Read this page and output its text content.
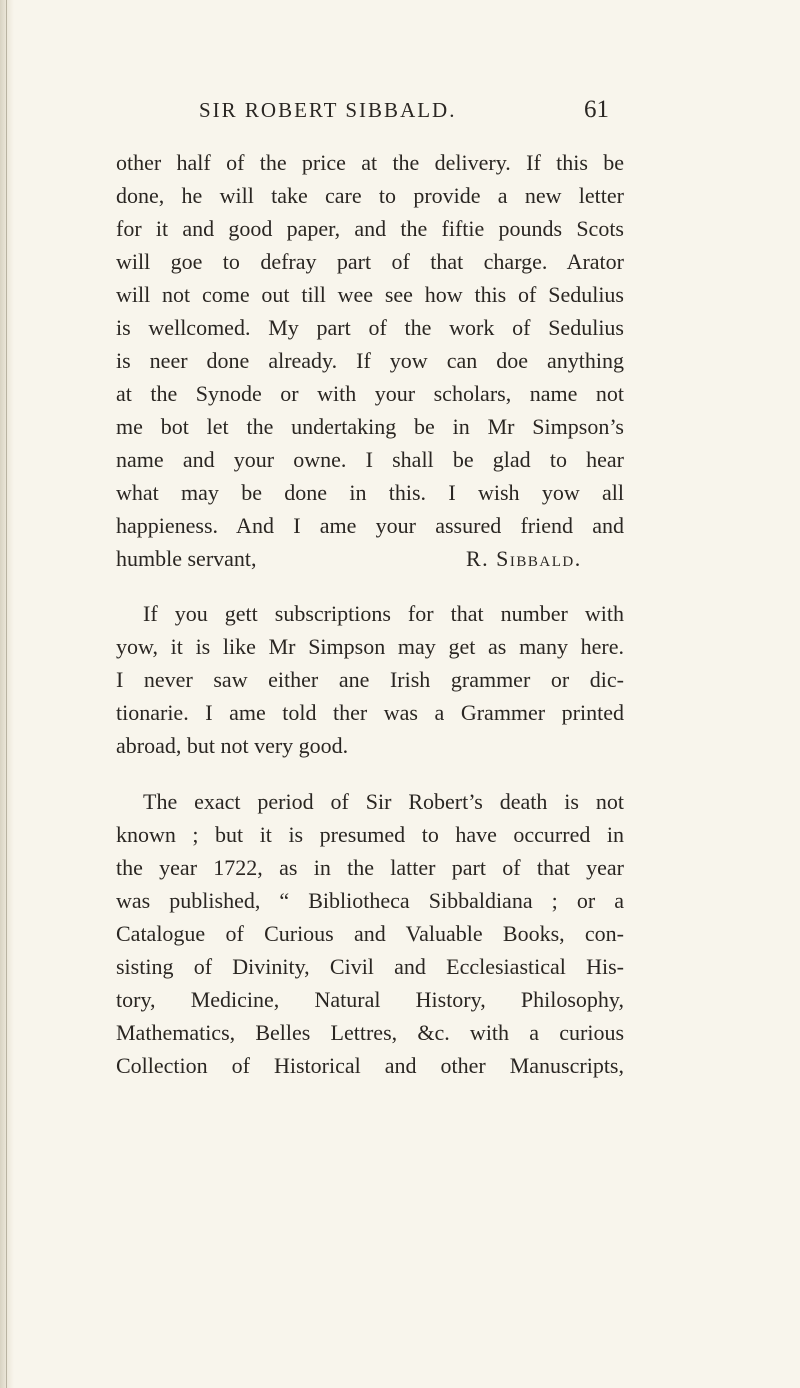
SIR ROBERT SIBBALD.	61
other half of the price at the delivery. If this be
done, he will take care to provide a new letter
for it and good paper, and the fiftie pounds Scots
will goe to defray part of that charge. Arator
will not come out till wee see how this of Sedulius
is wellcomed. My part of the work of Sedulius
is neer done already. If yow can doe anything
at the Synode or with your scholars, name not
me bot let the undertaking be in Mr Simpson’s
name and your owne. I shall be glad to hear
what may be done in this. I wish yow all
happieness. And I ame your assured friend and
humble servant,	R. Sibbald.
If you gett subscriptions for that number with
yow, it is like Mr Simpson may get as many here.
I never saw either ane Irish grammer or dic-
tionarie. I ame told ther was a Grammer printed
abroad, but not very good.
The exact period of Sir Robert’s death is not
known ; but it is presumed to have occurred in
the year 1722, as in the latter part of that year
was published, “ Bibliotheca Sibbaldiana ; or a
Catalogue of Curious and Valuable Books, con-
sisting of Divinity, Civil and Ecclesiastical His-
tory, Medicine, Natural History, Philosophy,
Mathematics, Belles Lettres, &c. with a curious
Collection of Historical and other Manuscripts,
